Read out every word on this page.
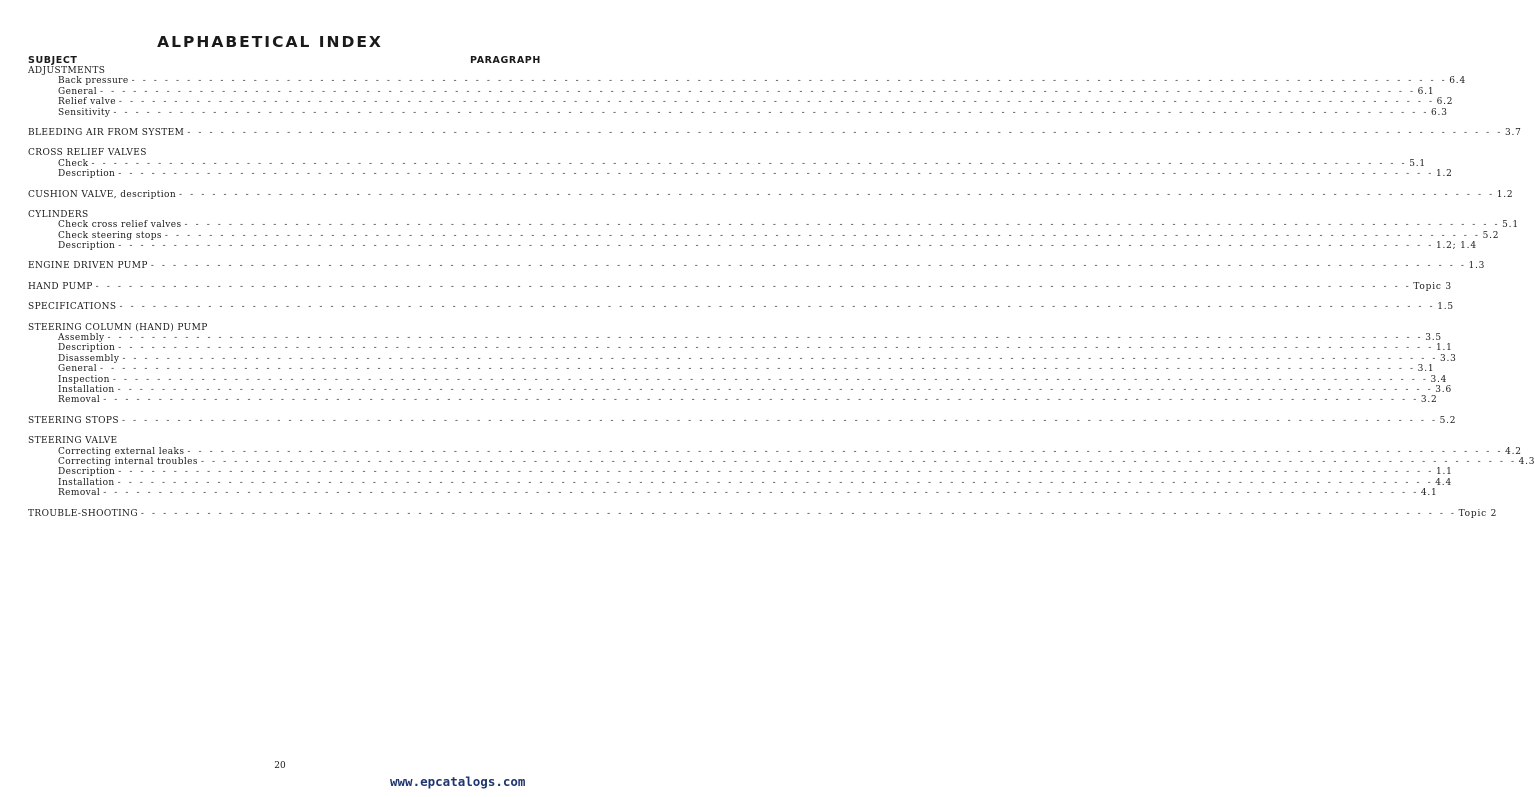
ALPHABETICAL INDEX
SUBJECT	PARAGRAPH
ADJUSTMENTS
Back pressure - - - - - - - - - - - - - - - - - - - - - - - - - - - - - - - - - - - - - - - - - - - - - - - - - - - - - - - - - - - - - - - - - - - - - - - - - - - - - - - - - - - - - - - - - - - - - - - - - - - - - - - - - - - - - - - - - - - - - - - 6.4
General - - - - - - - - - - - - - - - - - - - - - - - - - - - - - - - - - - - - - - - - - - - - - - - - - - - - - - - - - - - - - - - - - - - - - - - - - - - - - - - - - - - - - - - - - - - - - - - - - - - - - - - - - - - - - - - - - - - - - - - 6.1
Relief valve - - - - - - - - - - - - - - - - - - - - - - - - - - - - - - - - - - - - - - - - - - - - - - - - - - - - - - - - - - - - - - - - - - - - - - - - - - - - - - - - - - - - - - - - - - - - - - - - - - - - - - - - - - - - - - - - - - - - - - - 6.2
Sensitivity - - - - - - - - - - - - - - - - - - - - - - - - - - - - - - - - - - - - - - - - - - - - - - - - - - - - - - - - - - - - - - - - - - - - - - - - - - - - - - - - - - - - - - - - - - - - - - - - - - - - - - - - - - - - - - - - - - - - - - - 6.3
BLEEDING AIR FROM SYSTEM - - - - - - - - - - - - - - - - - - - - - - - - - - - - - - - - - - - - - - - - - - - - - - - - - - - - - - - - - - - - - - - - - - - - - - - - - - - - - - - - - - - - - - - - - - - - - - - - - - - - - - - - - - - - - - - - - - - - - - - 3.7
CROSS RELIEF VALVES
Check - - - - - - - - - - - - - - - - - - - - - - - - - - - - - - - - - - - - - - - - - - - - - - - - - - - - - - - - - - - - - - - - - - - - - - - - - - - - - - - - - - - - - - - - - - - - - - - - - - - - - - - - - - - - - - - - - - - - - - - 5.1
Description - - - - - - - - - - - - - - - - - - - - - - - - - - - - - - - - - - - - - - - - - - - - - - - - - - - - - - - - - - - - - - - - - - - - - - - - - - - - - - - - - - - - - - - - - - - - - - - - - - - - - - - - - - - - - - - - - - - - - - - 1.2
CUSHION VALVE, description - - - - - - - - - - - - - - - - - - - - - - - - - - - - - - - - - - - - - - - - - - - - - - - - - - - - - - - - - - - - - - - - - - - - - - - - - - - - - - - - - - - - - - - - - - - - - - - - - - - - - - - - - - - - - - - - - - - - - - - 1.2
CYLINDERS
Check cross relief valves - - - - - - - - - - - - - - - - - - - - - - - - - - - - - - - - - - - - - - - - - - - - - - - - - - - - - - - - - - - - - - - - - - - - - - - - - - - - - - - - - - - - - - - - - - - - - - - - - - - - - - - - - - - - - - - - - - - - - - - 5.1
Check steering stops - - - - - - - - - - - - - - - - - - - - - - - - - - - - - - - - - - - - - - - - - - - - - - - - - - - - - - - - - - - - - - - - - - - - - - - - - - - - - - - - - - - - - - - - - - - - - - - - - - - - - - - - - - - - - - - - - - - - - - - 5.2
Description - - - - - - - - - - - - - - - - - - - - - - - - - - - - - - - - - - - - - - - - - - - - - - - - - - - - - - - - - - - - - - - - - - - - - - - - - - - - - - - - - - - - - - - - - - - - - - - - - - - - - - - - - - - - - - - - - - - - - - - 1.2; 1.4
ENGINE DRIVEN PUMP - - - - - - - - - - - - - - - - - - - - - - - - - - - - - - - - - - - - - - - - - - - - - - - - - - - - - - - - - - - - - - - - - - - - - - - - - - - - - - - - - - - - - - - - - - - - - - - - - - - - - - - - - - - - - - - - - - - - - - - 1.3
HAND PUMP - - - - - - - - - - - - - - - - - - - - - - - - - - - - - - - - - - - - - - - - - - - - - - - - - - - - - - - - - - - - - - - - - - - - - - - - - - - - - - - - - - - - - - - - - - - - - - - - - - - - - - - - - - - - - - - - - - - - - - - Topic 3
SPECIFICATIONS - - - - - - - - - - - - - - - - - - - - - - - - - - - - - - - - - - - - - - - - - - - - - - - - - - - - - - - - - - - - - - - - - - - - - - - - - - - - - - - - - - - - - - - - - - - - - - - - - - - - - - - - - - - - - - - - - - - - - - - 1.5
STEERING COLUMN (HAND) PUMP
Assembly - - - - - - - - - - - - - - - - - - - - - - - - - - - - - - - - - - - - - - - - - - - - - - - - - - - - - - - - - - - - - - - - - - - - - - - - - - - - - - - - - - - - - - - - - - - - - - - - - - - - - - - - - - - - - - - - - - - - - - - 3.5
Description - - - - - - - - - - - - - - - - - - - - - - - - - - - - - - - - - - - - - - - - - - - - - - - - - - - - - - - - - - - - - - - - - - - - - - - - - - - - - - - - - - - - - - - - - - - - - - - - - - - - - - - - - - - - - - - - - - - - - - - 1.1
Disassembly - - - - - - - - - - - - - - - - - - - - - - - - - - - - - - - - - - - - - - - - - - - - - - - - - - - - - - - - - - - - - - - - - - - - - - - - - - - - - - - - - - - - - - - - - - - - - - - - - - - - - - - - - - - - - - - - - - - - - - - 3.3
General - - - - - - - - - - - - - - - - - - - - - - - - - - - - - - - - - - - - - - - - - - - - - - - - - - - - - - - - - - - - - - - - - - - - - - - - - - - - - - - - - - - - - - - - - - - - - - - - - - - - - - - - - - - - - - - - - - - - - - - 3.1
Inspection - - - - - - - - - - - - - - - - - - - - - - - - - - - - - - - - - - - - - - - - - - - - - - - - - - - - - - - - - - - - - - - - - - - - - - - - - - - - - - - - - - - - - - - - - - - - - - - - - - - - - - - - - - - - - - - - - - - - - - - 3.4
Installation - - - - - - - - - - - - - - - - - - - - - - - - - - - - - - - - - - - - - - - - - - - - - - - - - - - - - - - - - - - - - - - - - - - - - - - - - - - - - - - - - - - - - - - - - - - - - - - - - - - - - - - - - - - - - - - - - - - - - - - 3.6
Removal - - - - - - - - - - - - - - - - - - - - - - - - - - - - - - - - - - - - - - - - - - - - - - - - - - - - - - - - - - - - - - - - - - - - - - - - - - - - - - - - - - - - - - - - - - - - - - - - - - - - - - - - - - - - - - - - - - - - - - - 3.2
STEERING STOPS - - - - - - - - - - - - - - - - - - - - - - - - - - - - - - - - - - - - - - - - - - - - - - - - - - - - - - - - - - - - - - - - - - - - - - - - - - - - - - - - - - - - - - - - - - - - - - - - - - - - - - - - - - - - - - - - - - - - - - - 5.2
STEERING VALVE
Correcting external leaks - - - - - - - - - - - - - - - - - - - - - - - - - - - - - - - - - - - - - - - - - - - - - - - - - - - - - - - - - - - - - - - - - - - - - - - - - - - - - - - - - - - - - - - - - - - - - - - - - - - - - - - - - - - - - - - - - - - - - - - 4.2
Correcting internal troubles - - - - - - - - - - - - - - - - - - - - - - - - - - - - - - - - - - - - - - - - - - - - - - - - - - - - - - - - - - - - - - - - - - - - - - - - - - - - - - - - - - - - - - - - - - - - - - - - - - - - - - - - - - - - - - - - - - - - - - - 4.3
Description - - - - - - - - - - - - - - - - - - - - - - - - - - - - - - - - - - - - - - - - - - - - - - - - - - - - - - - - - - - - - - - - - - - - - - - - - - - - - - - - - - - - - - - - - - - - - - - - - - - - - - - - - - - - - - - - - - - - - - - 1.1
Installation - - - - - - - - - - - - - - - - - - - - - - - - - - - - - - - - - - - - - - - - - - - - - - - - - - - - - - - - - - - - - - - - - - - - - - - - - - - - - - - - - - - - - - - - - - - - - - - - - - - - - - - - - - - - - - - - - - - - - - - 4.4
Removal - - - - - - - - - - - - - - - - - - - - - - - - - - - - - - - - - - - - - - - - - - - - - - - - - - - - - - - - - - - - - - - - - - - - - - - - - - - - - - - - - - - - - - - - - - - - - - - - - - - - - - - - - - - - - - - - - - - - - - - 4.1
TROUBLE-SHOOTING - - - - - - - - - - - - - - - - - - - - - - - - - - - - - - - - - - - - - - - - - - - - - - - - - - - - - - - - - - - - - - - - - - - - - - - - - - - - - - - - - - - - - - - - - - - - - - - - - - - - - - - - - - - - - - - - - - - - - - - Topic 2
20
www.epcatalogs.com
